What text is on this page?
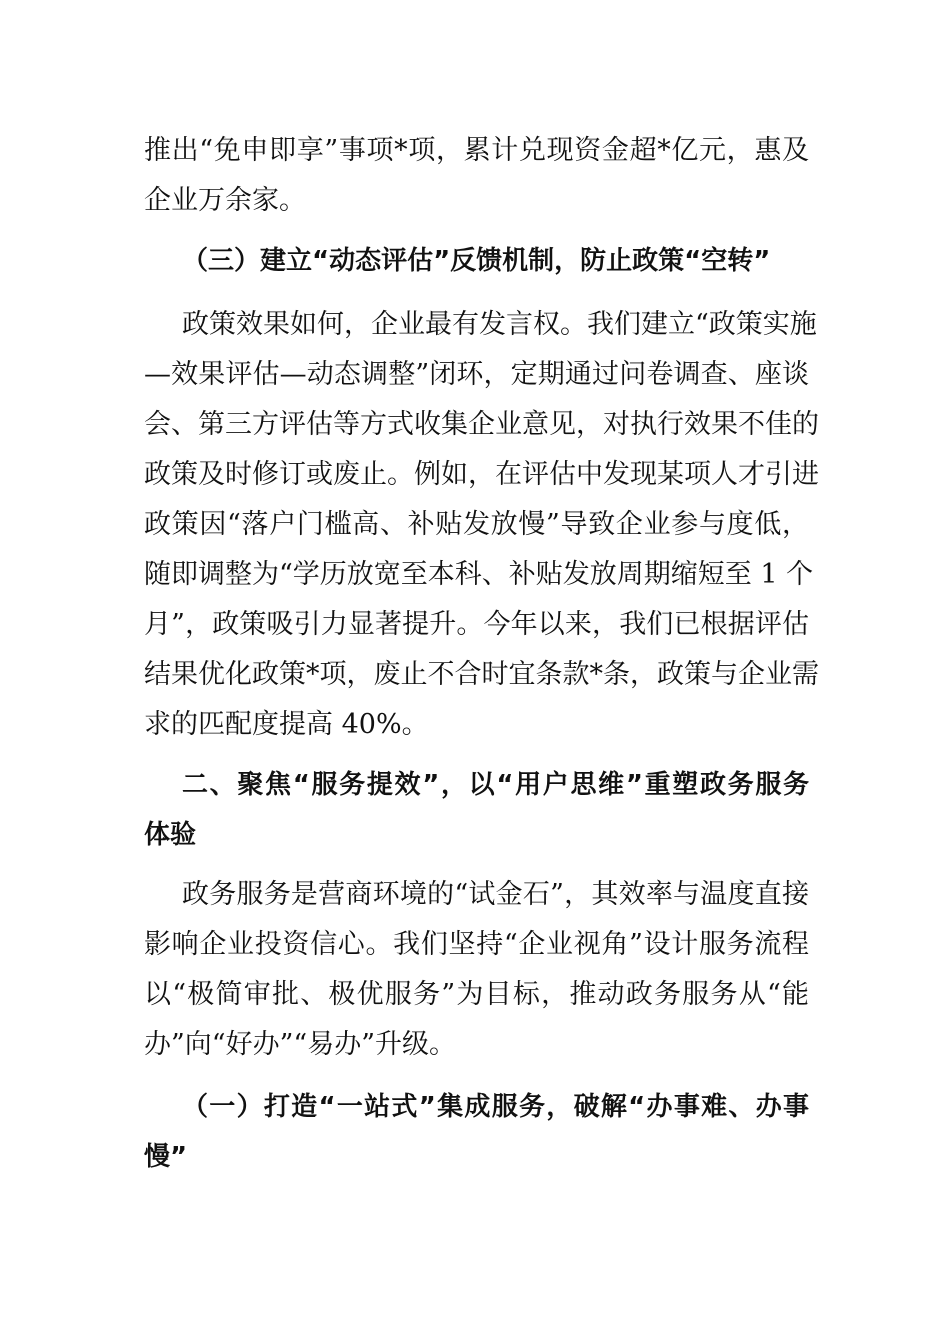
推出“免申即享”事项*项，累计兑现资金超*亿元，惠及
企业万余家。
（三）建立“动态评估”反馈机制，防止政策“空转”
政策效果如何，企业最有发言权。我们建立“政策实施
—效果评估—动态调整”闭环，定期通过问卷调查、座谈
会、第三方评估等方式收集企业意见，对执行效果不佳的
政策及时修订或废止。例如，在评估中发现某项人才引进
政策因“落户门槛高、补贴发放慢”导致企业参与度低，
随即调整为“学历放宽至本科、补贴发放周期缩短至 1 个
月”，政策吸引力显著提升。今年以来，我们已根据评估
结果优化政策*项，废止不合时宜条款*条，政策与企业需
求的匹配度提高 40%。
二、聚焦“服务提效”，以“用户思维”重塑政务服务
体验
政务服务是营商环境的“试金石”，其效率与温度直接
影响企业投资信心。我们坚持“企业视角”设计服务流程
以“极简审批、极优服务”为目标，推动政务服务从“能
办”向“好办”“易办”升级。
（一）打造“一站式”集成服务，破解“办事难、办事
慢”
